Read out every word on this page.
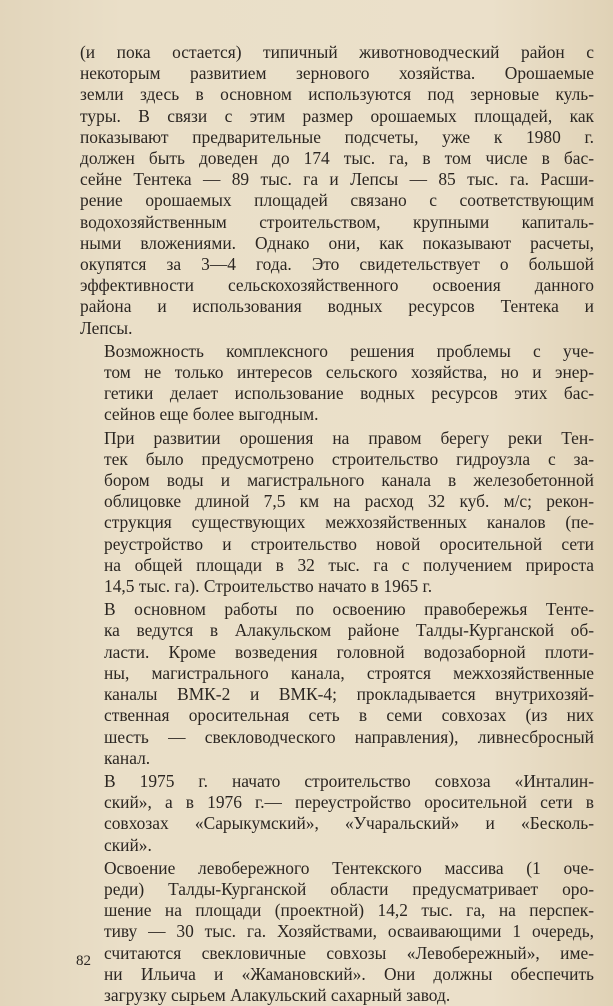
(и пока остается) типичный животноводческий район с
некоторым развитием зернового хозяйства. Орошаемые
земли здесь в основном используются под зерновые куль-
туры. В связи с этим размер орошаемых площадей, как
показывают предварительные подсчеты, уже к 1980 г.
должен быть доведен до 174 тыс. га, в том числе в бас-
сейне Тентека — 89 тыс. га и Лепсы — 85 тыс. га. Расши-
рение орошаемых площадей связано с соответствующим
водохозяйственным строительством, крупными капиталь-
ными вложениями. Однако они, как показывают расчеты,
окупятся за 3—4 года. Это свидетельствует о большой
эффективности сельскохозяйственного освоения данного
района и использования водных ресурсов Тентека и
Лепсы.

Возможность комплексного решения проблемы с уче-
том не только интересов сельского хозяйства, но и энер-
гетики делает использование водных ресурсов этих бас-
сейнов еще более выгодным.

При развитии орошения на правом берегу реки Тен-
тек было предусмотрено строительство гидроузла с за-
бором воды и магистрального канала в железобетонной
облицовке длиной 7,5 км на расход 32 куб. м/с; рекон-
струкция существующих межхозяйственных каналов (пе-
реустройство и строительство новой оросительной сети
на общей площади в 32 тыс. га с получением прироста
14,5 тыс. га). Строительство начато в 1965 г.

В основном работы по освоению правобережья Тенте-
ка ведутся в Алакульском районе Талды-Курганской об-
ласти. Кроме возведения головной водозаборной плоти-
ны, магистрального канала, строятся межхозяйственные
каналы ВМК-2 и ВМК-4; прокладывается внутрихозяй-
ственная оросительная сеть в семи совхозах (из них
шесть — свекловодческого направления), ливнесбросный
канал.

В 1975 г. начато строительство совхоза «Инталин-
ский», а в 1976 г.— переустройство оросительной сети в
совхозах «Сарыкумский», «Учаральский» и «Бесколь-
ский».

Освоение левобережного Тентекского массива (1 оче-
реди) Талды-Курганской области предусматривает оро-
шение на площади (проектной) 14,2 тыс. га, на перспек-
тиву — 30 тыс. га. Хозяйствами, осваивающими 1 очередь,
считаются свекловичные совхозы «Левобережный», име-
ни Ильича и «Жамановский». Они должны обеспечить
загрузку сырьем Алакульский сахарный завод.

82
